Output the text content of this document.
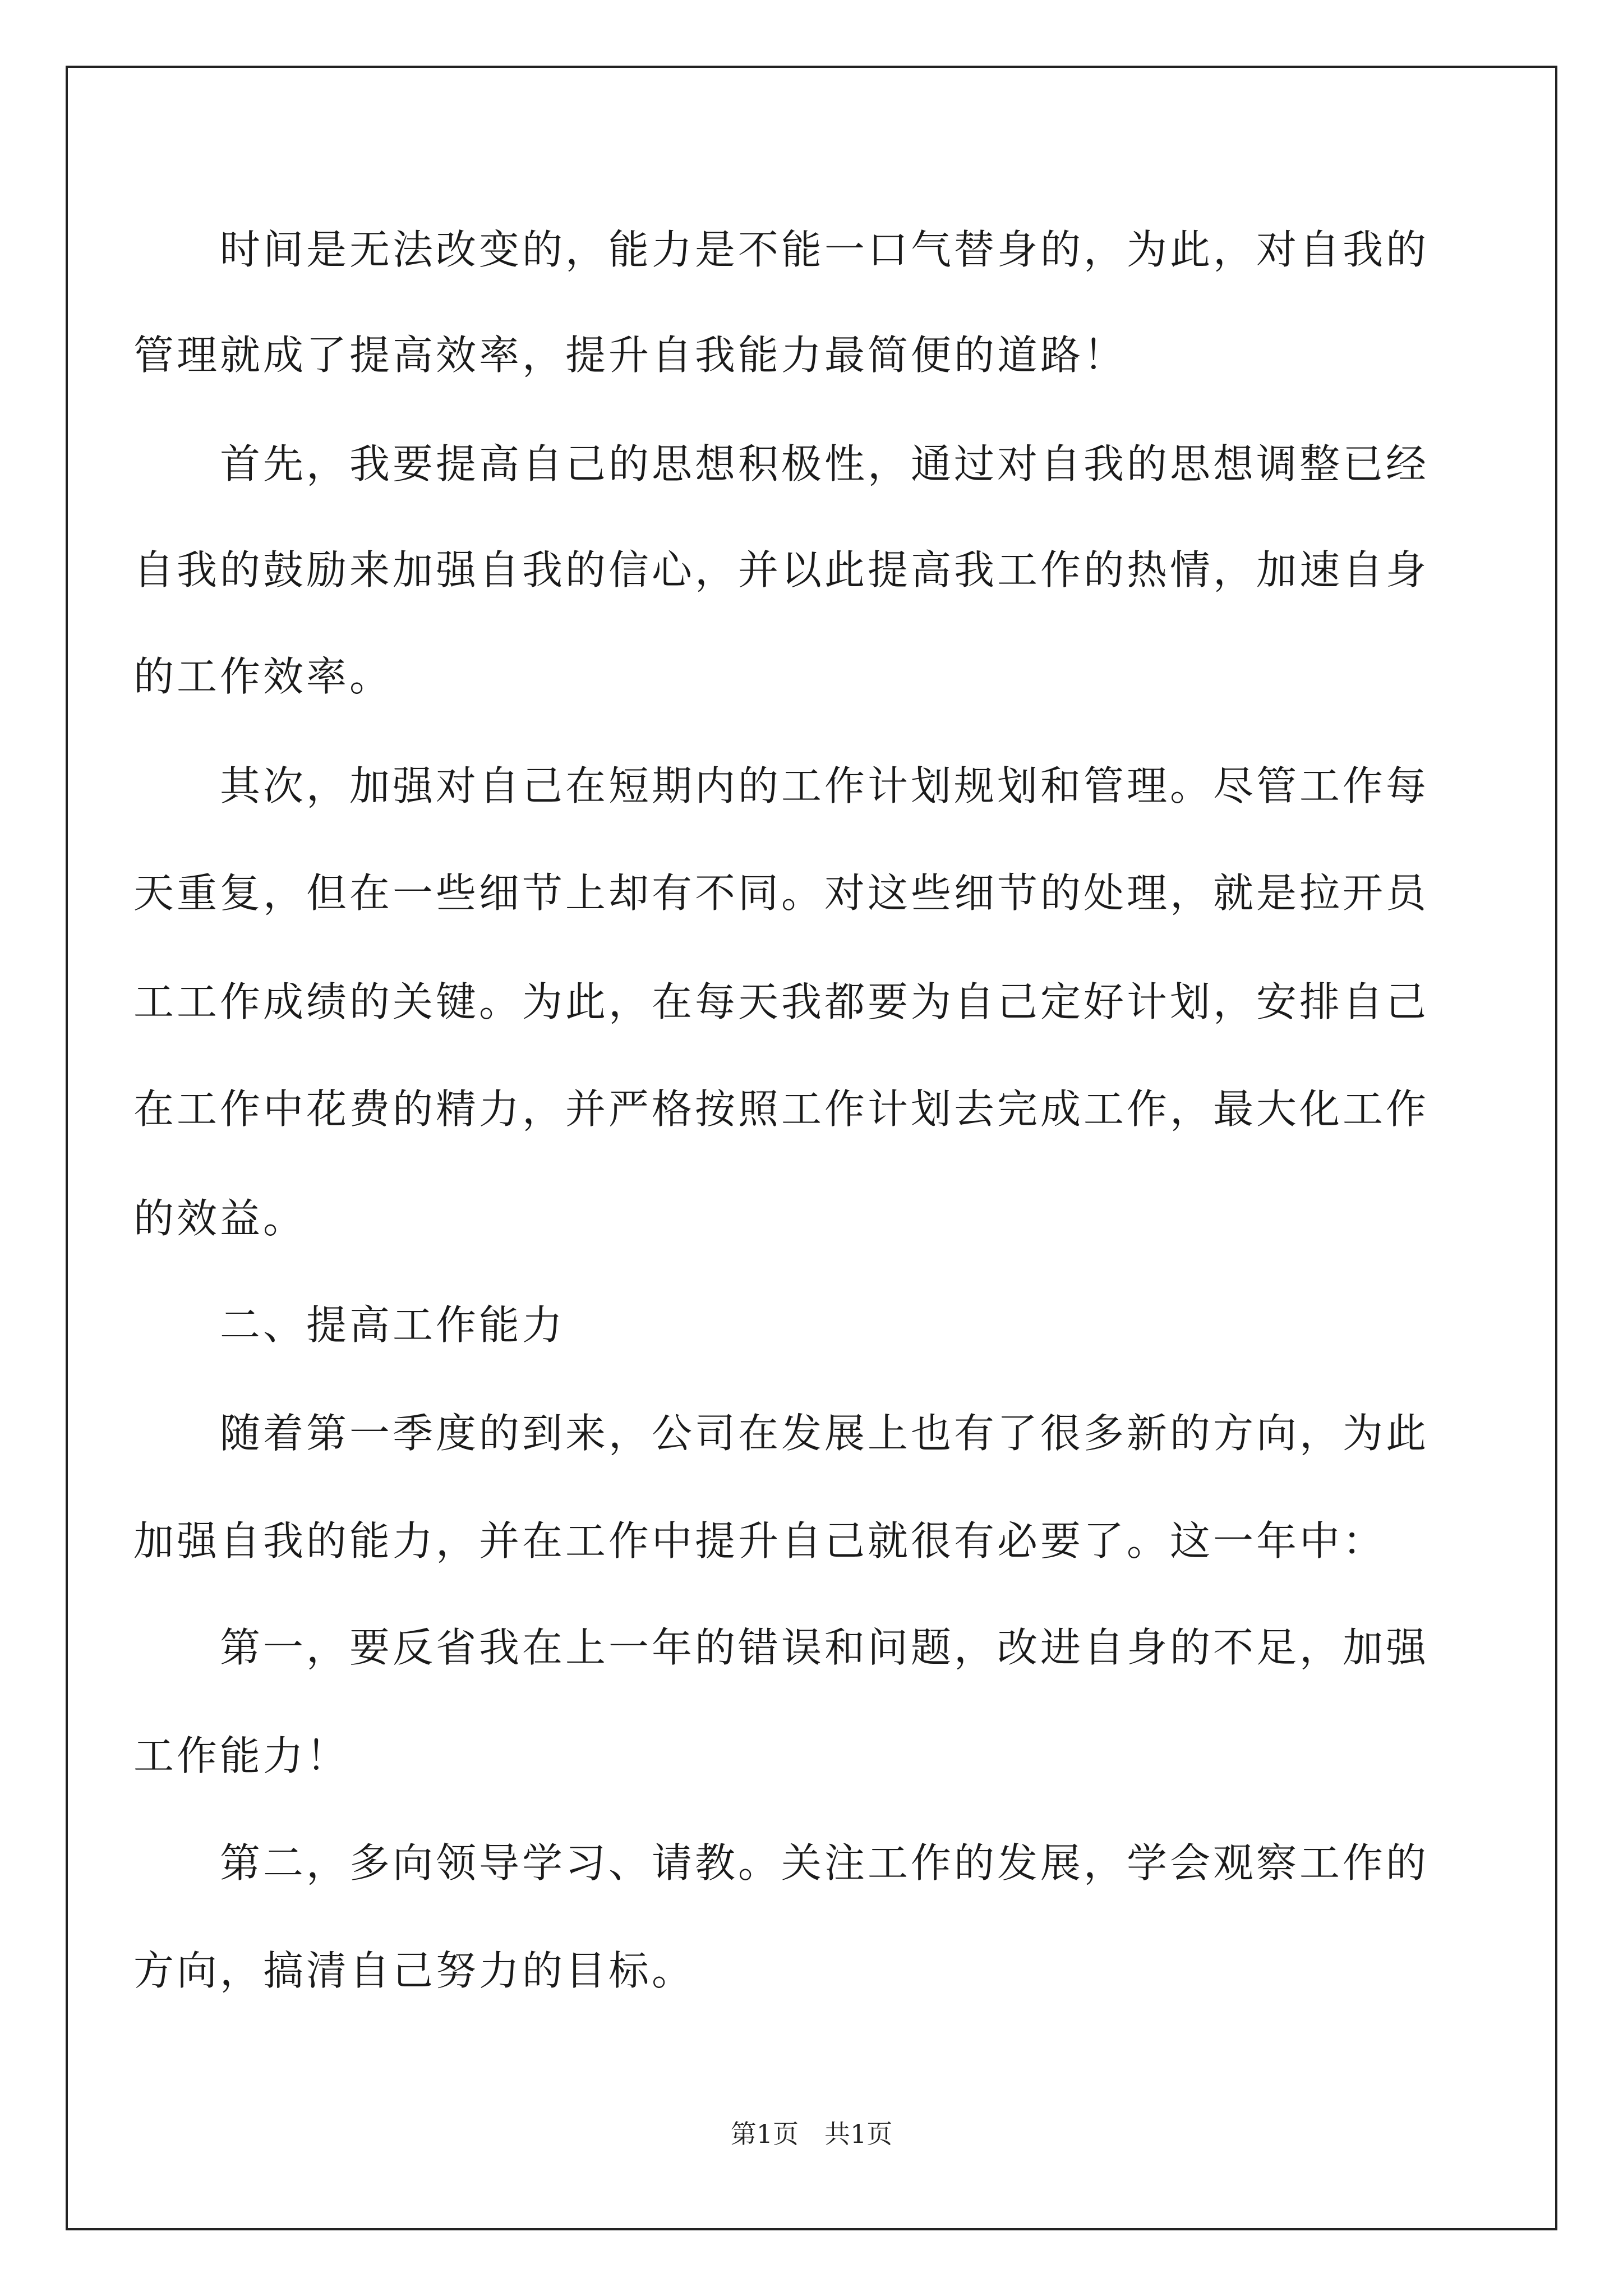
　　时间是无法改变的，能力是不能一口气替身的，为此，对自我的
管理就成了提高效率，提升自我能力最简便的道路！
　　首先，我要提高自己的思想积极性，通过对自我的思想调整已经
自我的鼓励来加强自我的信心，并以此提高我工作的热情，加速自身
的工作效率。
　　其次，加强对自己在短期内的工作计划规划和管理。尽管工作每
天重复，但在一些细节上却有不同。对这些细节的处理，就是拉开员
工工作成绩的关键。为此，在每天我都要为自己定好计划，安排自己
在工作中花费的精力，并严格按照工作计划去完成工作，最大化工作
的效益。
　　二、提高工作能力
　　随着第一季度的到来，公司在发展上也有了很多新的方向，为此
加强自我的能力，并在工作中提升自己就很有必要了。这一年中：
　　第一，要反省我在上一年的错误和问题，改进自身的不足，加强
工作能力！
　　第二，多向领导学习、请教。关注工作的发展，学会观察工作的
方向，搞清自己努力的目标。
第1页　共1页
